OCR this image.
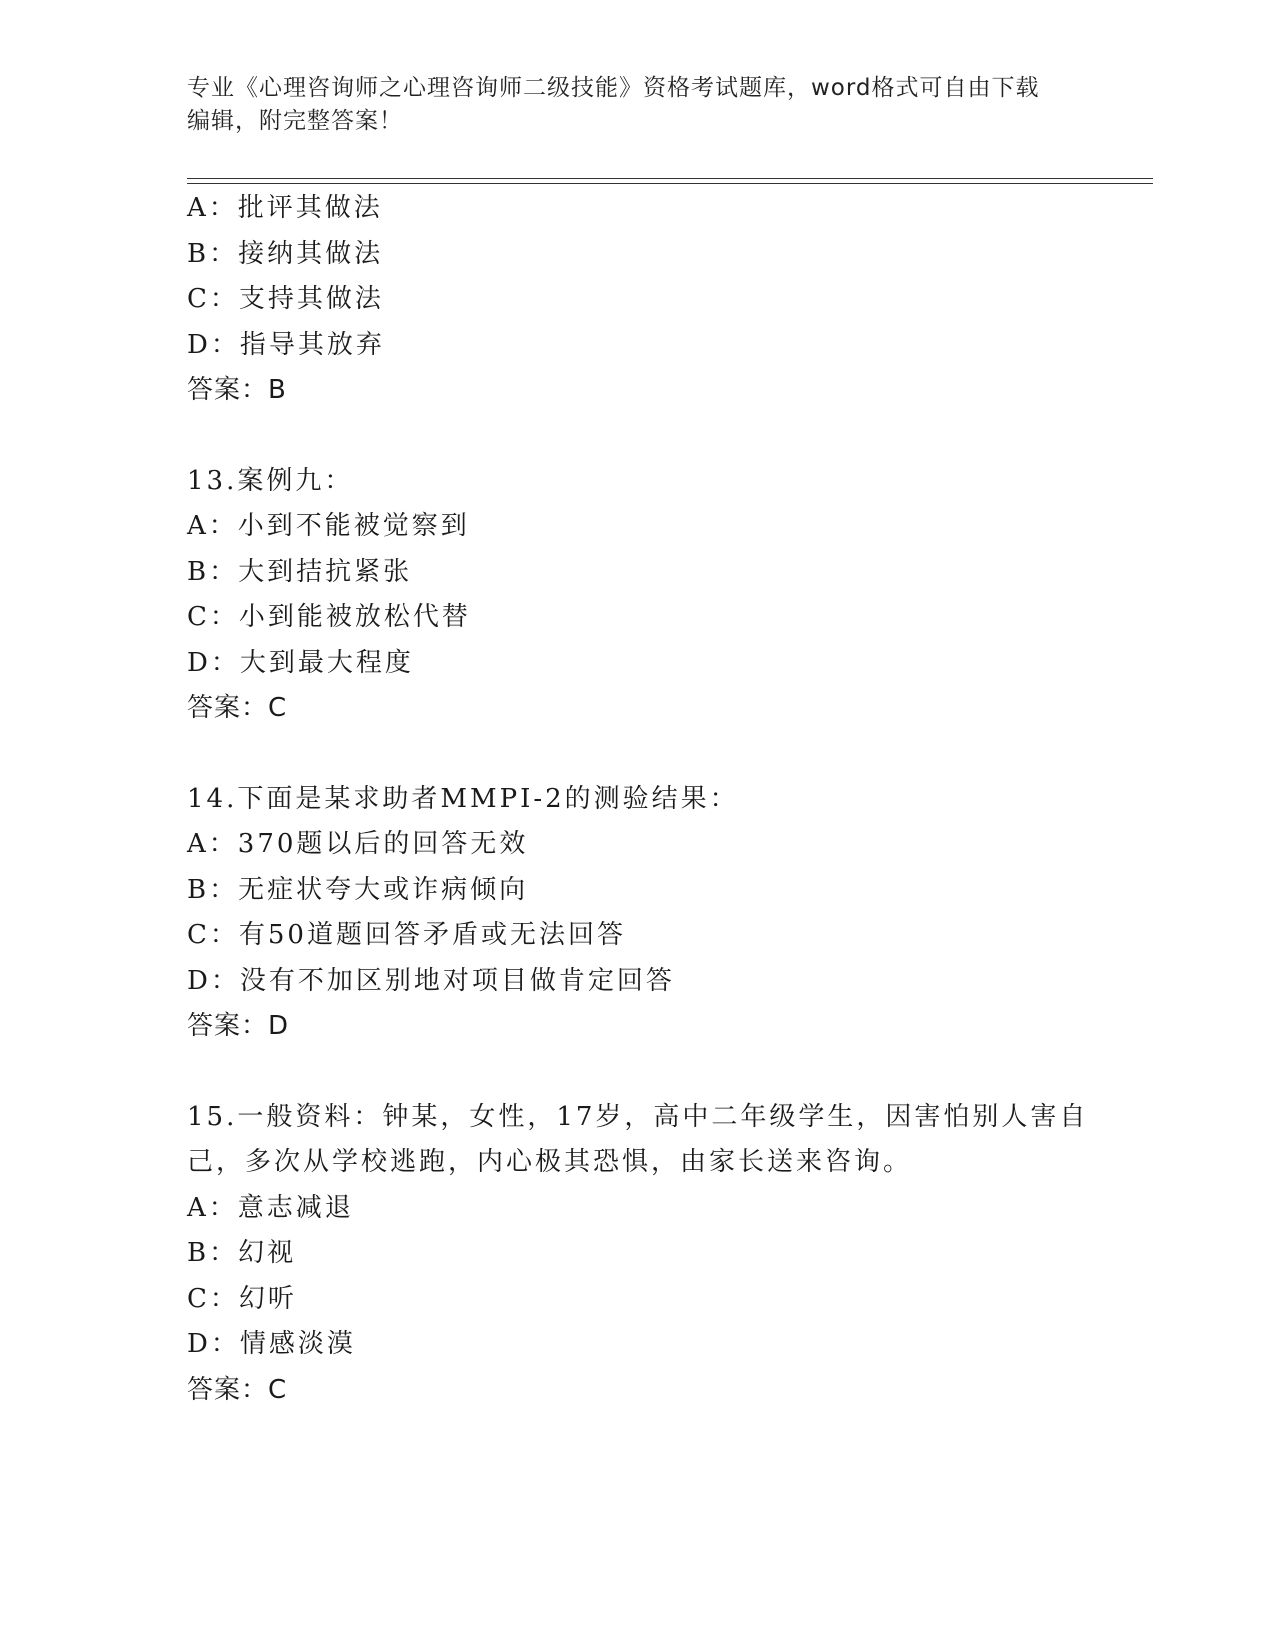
专业《心理咨询师之心理咨询师二级技能》资格考试题库，word格式可自由下载
编辑，附完整答案！
A：批评其做法
B：接纳其做法
C：支持其做法
D：指导其放弃
答案：B
13.案例九：
A：小到不能被觉察到
B：大到拮抗紧张
C：小到能被放松代替
D：大到最大程度
答案：C
14.下面是某求助者MMPI-2的测验结果：
A：370题以后的回答无效
B：无症状夸大或诈病倾向
C：有50道题回答矛盾或无法回答
D：没有不加区别地对项目做肯定回答
答案：D
15.一般资料：钟某，女性，17岁，高中二年级学生，因害怕别人害自
己，多次从学校逃跑，内心极其恐惧，由家长送来咨询。
A：意志减退
B：幻视
C：幻听
D：情感淡漠
答案：C
